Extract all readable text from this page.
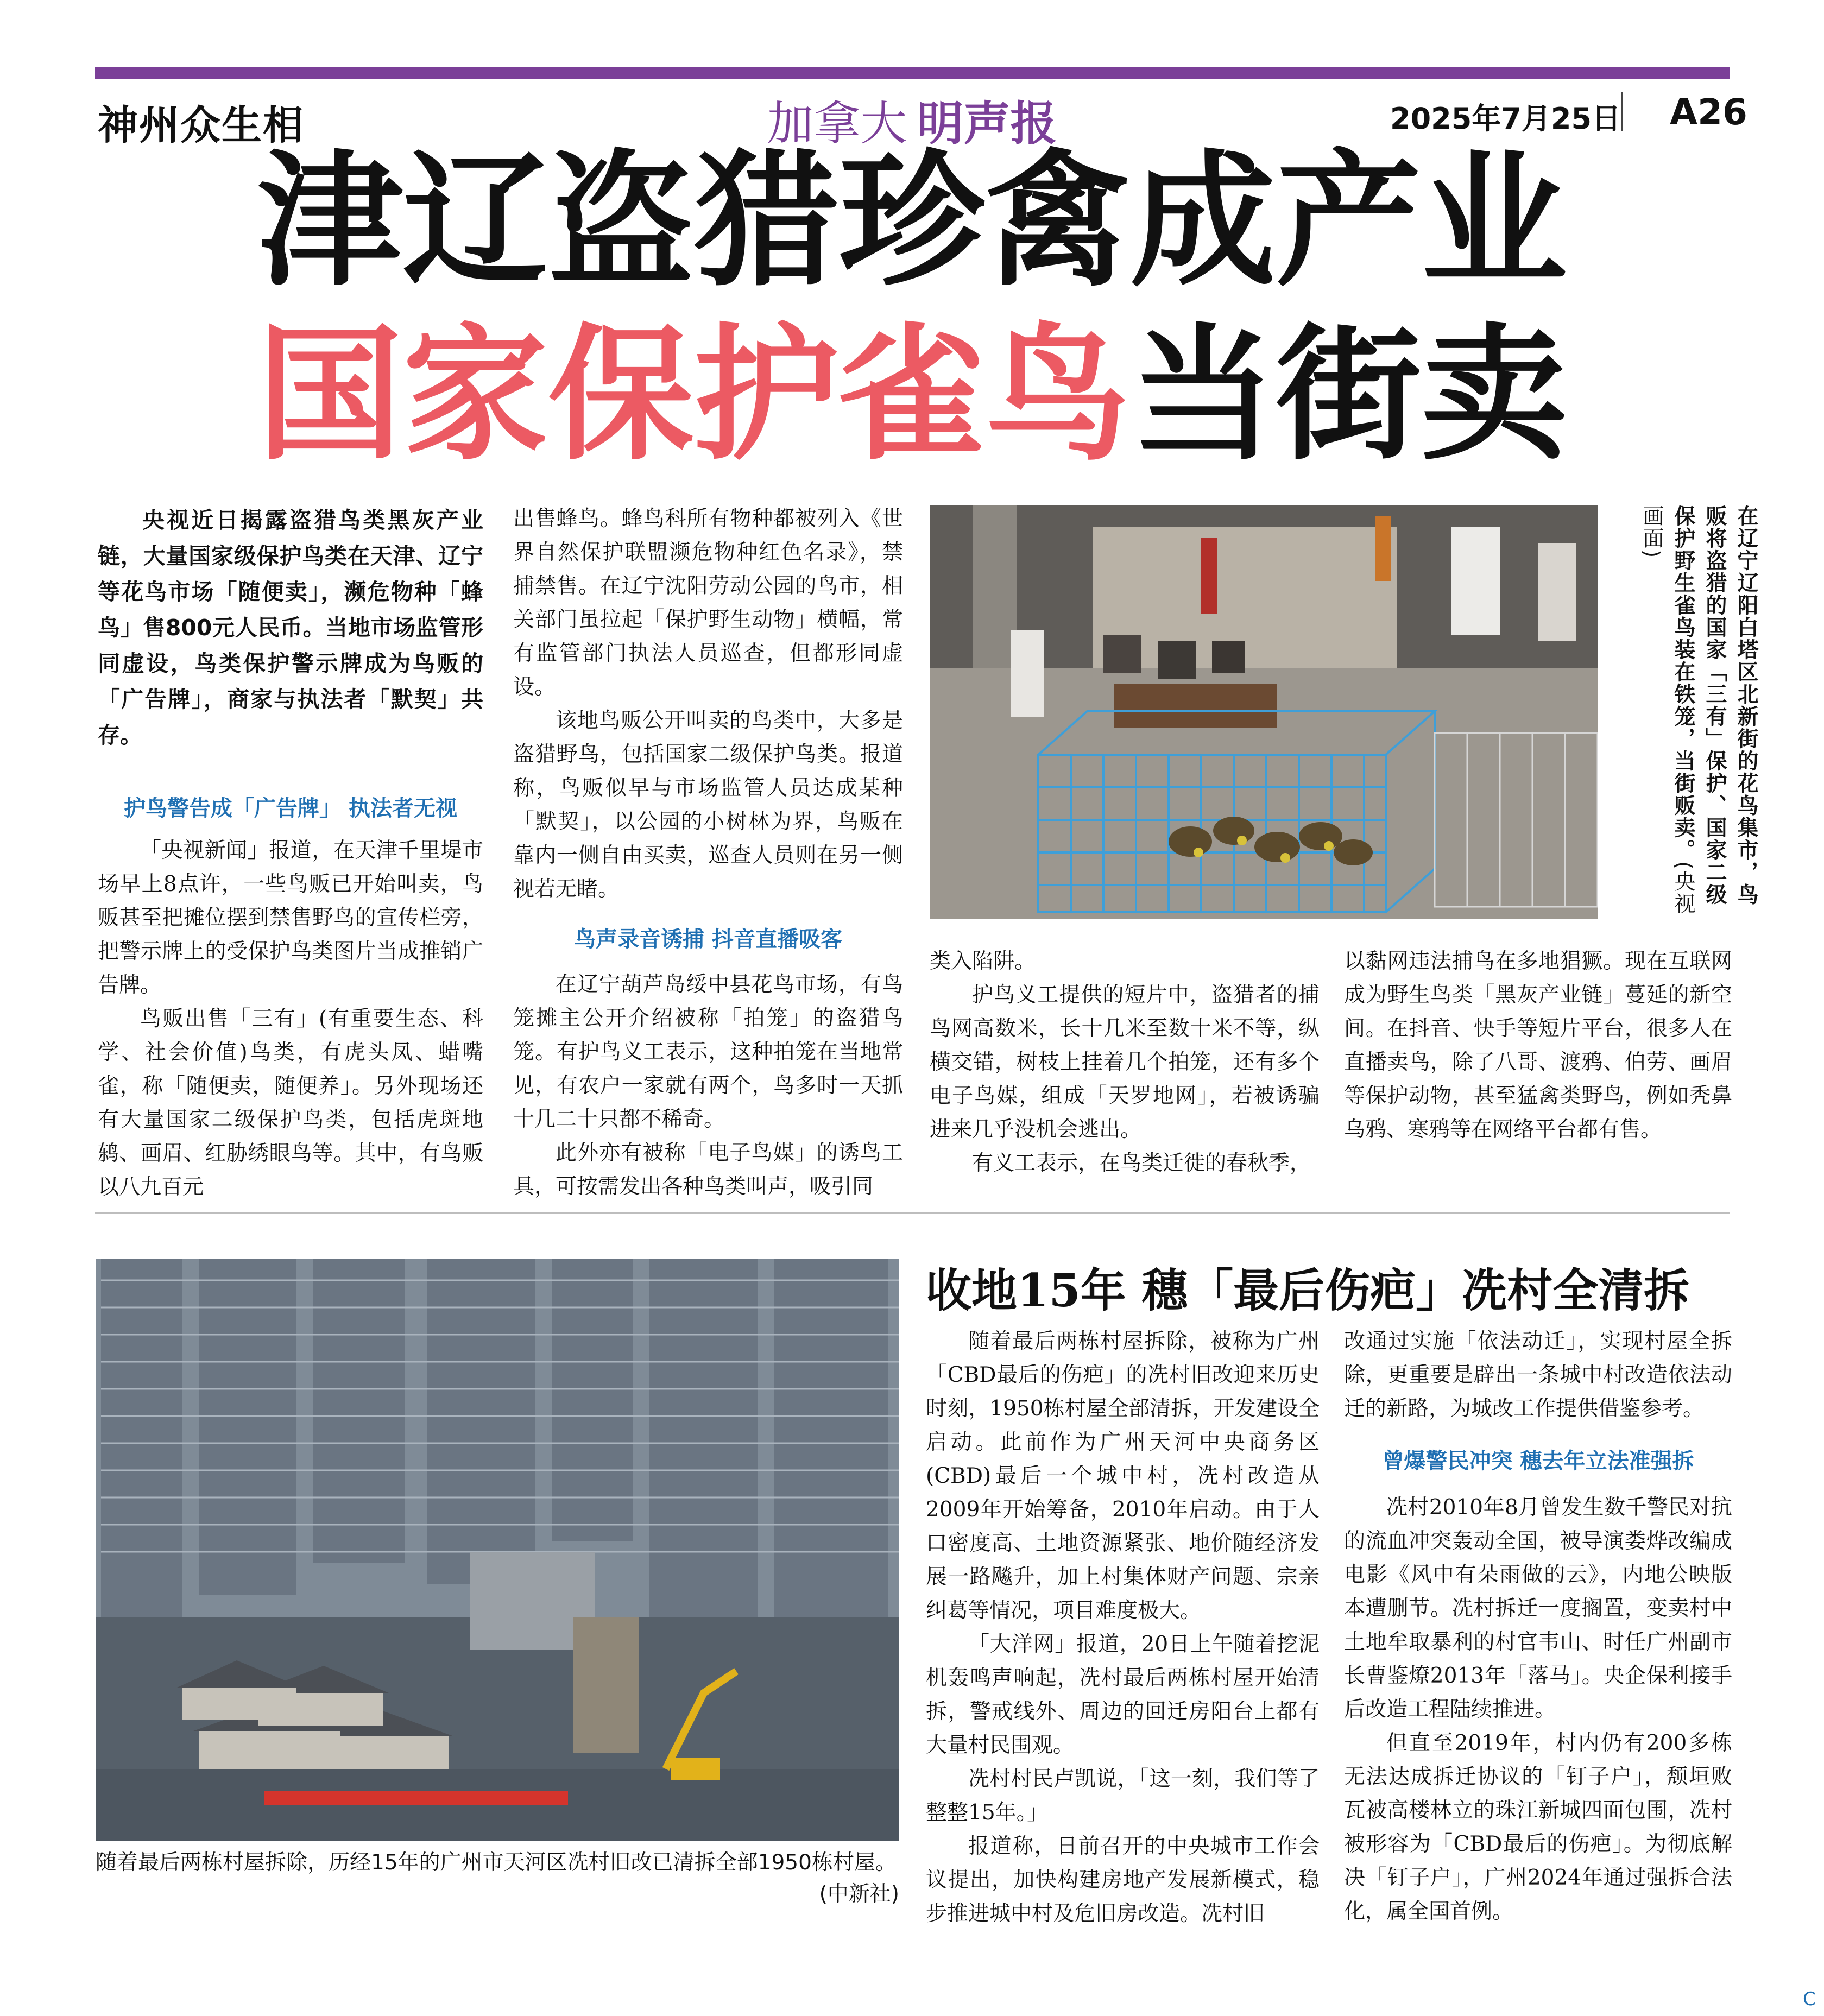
神州众生相	加拿大 明声报	2025年7月25日 A26
津辽盗猎珍禽成产业
国家保护雀鸟当街卖
央视近日揭露盗猎鸟类黑灰产业链，大量国家级保护鸟类在天津、辽宁等花鸟市场「随便卖」，濒危物种「蜂鸟」售800元人民币。当地市场监管形同虚设，鸟类保护警示牌成为鸟贩的「广告牌」，商家与执法者「默契」共存。
护鸟警告成「广告牌」 执法者无视

「央视新闻」报道，在天津千里堤市场早上8点许，一些鸟贩已开始叫卖，鸟贩甚至把摊位摆到禁售野鸟的宣传栏旁，把警示牌上的受保护鸟类图片当成推销广告牌。

鸟贩出售「三有」(有重要生态、科学、社会价值)鸟类，有虎头凤、蜡嘴雀，称「随便卖，随便养」。另外现场还有大量国家二级保护鸟类，包括虎斑地鸫、画眉、红胁绣眼鸟等。其中，有鸟贩以八九百元

出售蜂鸟。蜂鸟科所有物种都被列入《世界自然保护联盟濒危物种红色名录》，禁捕禁售。在辽宁沈阳劳动公园的鸟市，相关部门虽拉起「保护野生动物」横幅，常有监管部门执法人员巡查，但都形同虚设。

该地鸟贩公开叫卖的鸟类中，大多是盗猎野鸟，包括国家二级保护鸟类。报道称，鸟贩似早与市场监管人员达成某种「默契」，以公园的小树林为界，鸟贩在靠内一侧自由买卖，巡查人员则在另一侧视若无睹。

鸟声录音诱捕 抖音直播吸客

在辽宁葫芦岛绥中县花鸟市场，有鸟笼摊主公开介绍被称「拍笼」的盗猎鸟笼。有护鸟义工表示，这种拍笼在当地常见，有农户一家就有两个，鸟多时一天抓十几二十只都不稀奇。

此外亦有被称「电子鸟媒」的诱鸟工具，可按需发出各种鸟类叫声，吸引同

在辽宁辽阳白塔区北新街的花鸟集市，鸟贩将盗猎的国家「三有」保护、国家二级保护野生雀鸟装在铁笼，当街贩卖。(央视画面)

类入陷阱。

护鸟义工提供的短片中，盗猎者的捕鸟网高数米，长十几米至数十米不等，纵横交错，树枝上挂着几个拍笼，还有多个电子鸟媒，组成「天罗地网」，若被诱骗进来几乎没机会逃出。

有义工表示，在鸟类迁徙的春秋季，

以黏网违法捕鸟在多地猖獗。现在互联网成为野生鸟类「黑灰产业链」蔓延的新空间。在抖音、快手等短片平台，很多人在直播卖鸟，除了八哥、渡鸦、伯劳、画眉等保护动物，甚至猛禽类野鸟，例如秃鼻乌鸦、寒鸦等在网络平台都有售。

收地15年 穗「最后伤疤」冼村全清拆

随着最后两栋村屋拆除，被称为广州「CBD最后的伤疤」的冼村旧改迎来历史时刻，1950栋村屋全部清拆，开发建设全启动。此前作为广州天河中央商务区(CBD)最后一个城中村，冼村改造从2009年开始筹备，2010年启动。由于人口密度高、土地资源紧张、地价随经济发展一路飚升，加上村集体财产问题、宗亲纠葛等情况，项目难度极大。

「大洋网」报道，20日上午随着挖泥机轰鸣声响起，冼村最后两栋村屋开始清拆，警戒线外、周边的回迁房阳台上都有大量村民围观。

冼村村民卢凯说，「这一刻，我们等了整整15年。」

报道称，日前召开的中央城市工作会议提出，加快构建房地产发展新模式，稳步推进城中村及危旧房改造。冼村旧

改通过实施「依法动迁」，实现村屋全拆除，更重要是辟出一条城中村改造依法动迁的新路，为城改工作提供借鉴参考。

曾爆警民冲突 穗去年立法准强拆

冼村2010年8月曾发生数千警民对抗的流血冲突轰动全国，被导演娄烨改编成电影《风中有朵雨做的云》，内地公映版本遭删节。冼村拆迁一度搁置，变卖村中土地牟取暴利的村官韦山、时任广州副市长曹鉴燎2013年「落马」。央企保利接手后改造工程陆续推进。

但直至2019年，村内仍有200多栋无法达成拆迁协议的「钉子户」，颓垣败瓦被高楼林立的珠江新城四面包围，冼村被形容为「CBD最后的伤疤」。为彻底解决「钉子户」，广州2024年通过强拆合法化，属全国首例。

随着最后两栋村屋拆除，历经15年的广州市天河区冼村旧改已清拆全部1950栋村屋。
(中新社)
C
